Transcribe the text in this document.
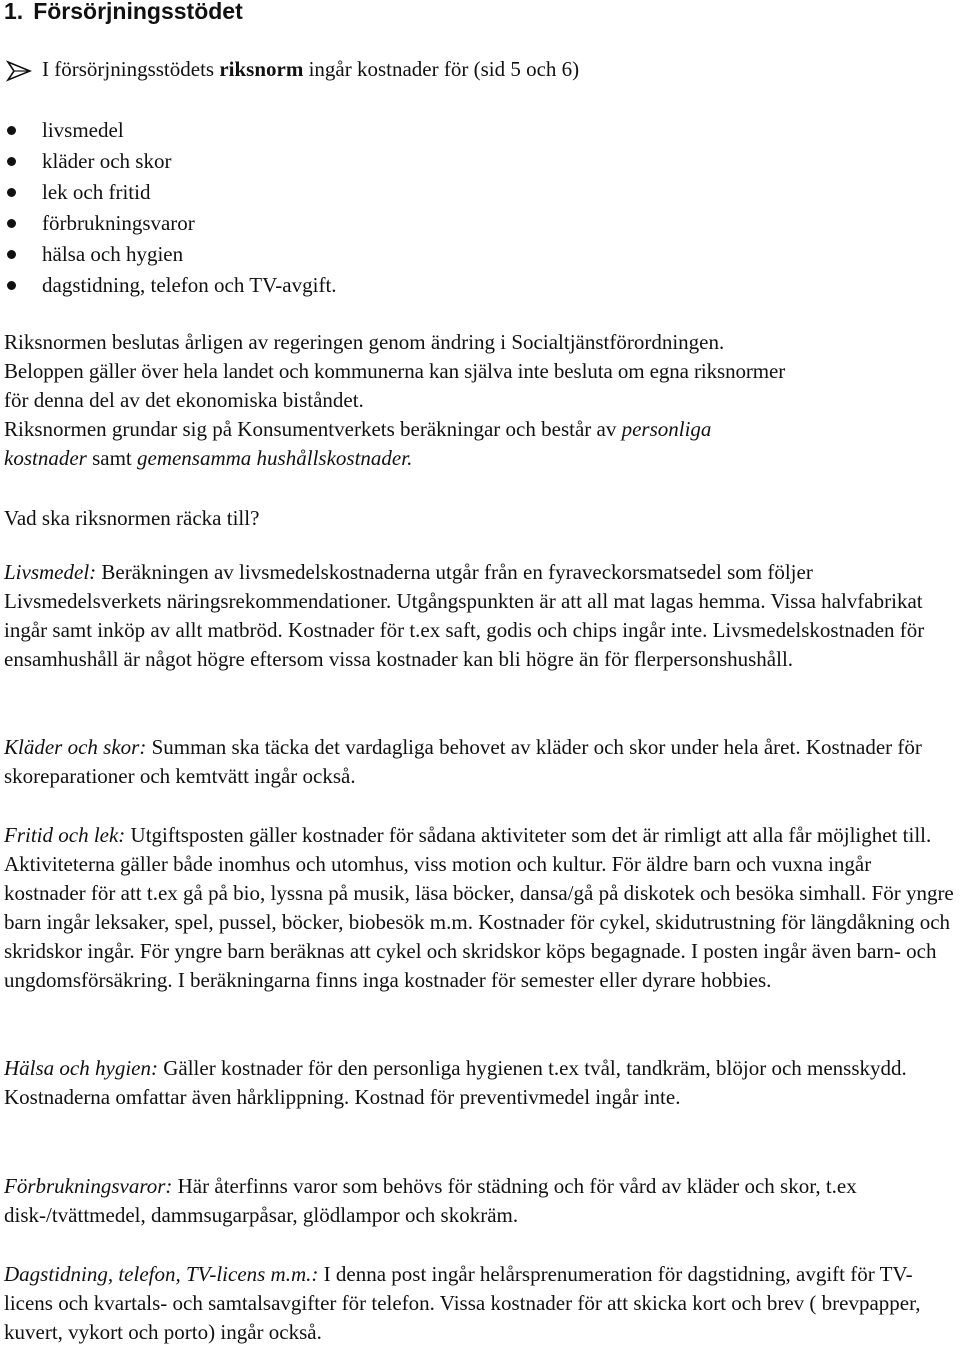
1. Försörjningsstödet
I försörjningsstödets riksnorm ingår kostnader för (sid 5 och 6)
livsmedel
kläder och skor
lek och fritid
förbrukningsvaror
hälsa och hygien
dagstidning, telefon och TV-avgift.

Riksnormen beslutas årligen av regeringen genom ändring i Socialtjänstförordningen.

Beloppen gäller över hela landet och kommunerna kan själva inte besluta om egna riksnormer

för denna del av det ekonomiska biståndet.

Riksnormen grundar sig på Konsumentverkets beräkningar och består av personliga

kostnader samt gemensamma hushållskostnader.

Vad ska riksnormen räcka till?

Livsmedel: Beräkningen av livsmedelskostnaderna utgår från en fyraveckorsmatsedel som följer Livsmedelsverkets näringsrekommendationer. Utgångspunkten är att all mat lagas hemma. Vissa halvfabrikat ingår samt inköp av allt matbröd. Kostnader för t.ex saft, godis och chips ingår inte. Livsmedelskostnaden för ensamhushåll är något högre eftersom vissa kostnader kan bli högre än för flerpersonshushåll.

Kläder och skor: Summan ska täcka det vardagliga behovet av kläder och skor under hela året. Kostnader för skoreparationer och kemtvätt ingår också.

Fritid och lek: Utgiftsposten gäller kostnader för sådana aktiviteter som det är rimligt att alla får möjlighet till. Aktiviteterna gäller både inomhus och utomhus, viss motion och kultur. För äldre barn och vuxna ingår kostnader för att t.ex gå på bio, lyssna på musik, läsa böcker, dansa/gå på diskotek och besöka simhall. För yngre barn ingår leksaker, spel, pussel, böcker, biobesök m.m. Kostnader för cykel, skidutrustning för längdåkning och skridskor ingår. För yngre barn beräknas att cykel och skridskor köps begagnade. I posten ingår även barn- och ungdomsförsäkring. I beräkningarna finns inga kostnader för semester eller dyrare hobbies.

Hälsa och hygien: Gäller kostnader för den personliga hygienen t.ex tvål, tandkräm, blöjor och mensskydd. Kostnaderna omfattar även hårklippning. Kostnad för preventivmedel ingår inte.

Förbrukningsvaror: Här återfinns varor som behövs för städning och för vård av kläder och skor, t.ex disk-/tvättmedel, dammsugarpåsar, glödlampor och skokräm.

Dagstidning, telefon, TV-licens m.m.: I denna post ingår helårsprenumeration för dagstidning, avgift för TV-licens och kvartals- och samtalsavgifter för telefon. Vissa kostnader för att skicka kort och brev ( brevpapper, kuvert, vykort och porto) ingår också.
